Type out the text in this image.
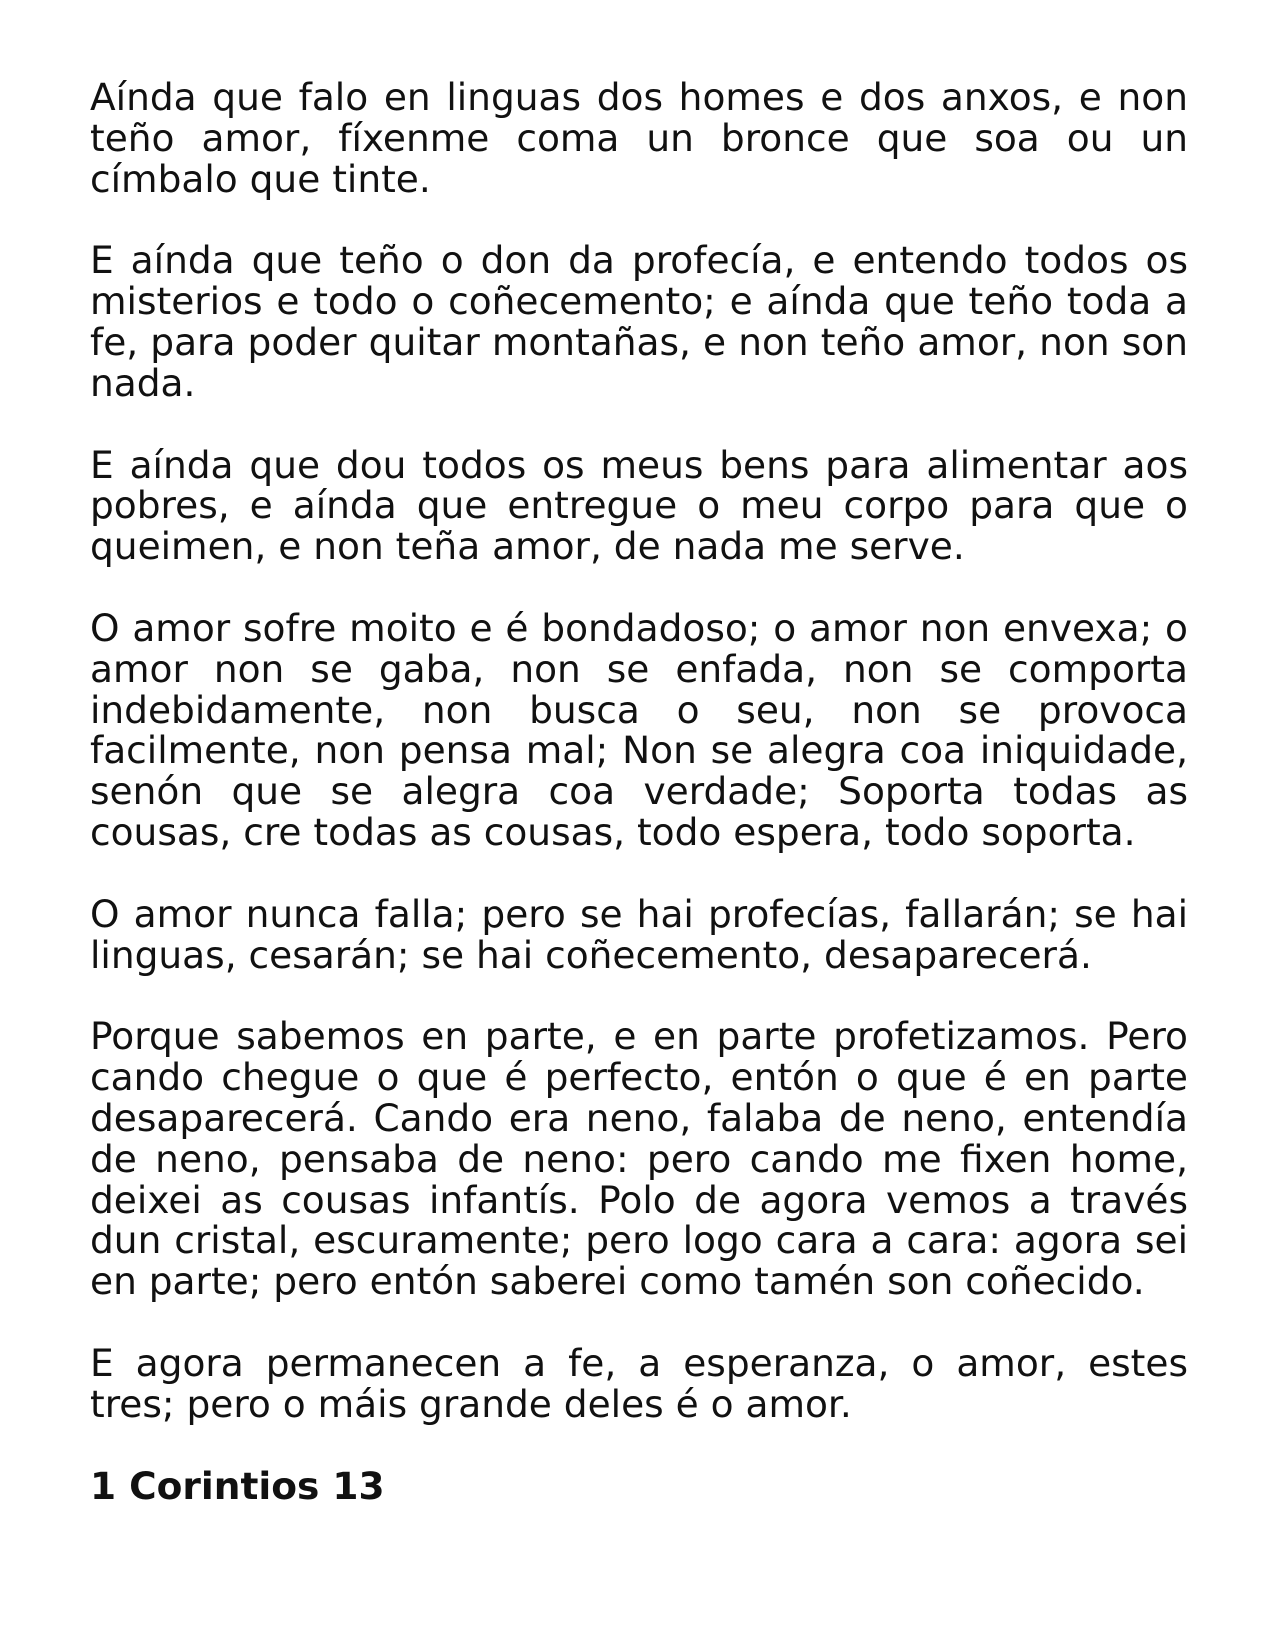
Aínda que falo en linguas dos homes e dos anxos, e non teño amor, fíxenme coma un bronce que soa ou un címbalo que tinte.

E aínda que teño o don da profecía, e entendo todos os misterios e todo o coñecemento; e aínda que teño toda a fe, para poder quitar montañas, e non teño amor, non son nada.

E aínda que dou todos os meus bens para alimentar aos pobres, e aínda que entregue o meu corpo para que o queimen, e non teña amor, de nada me serve.

O amor sofre moito e é bondadoso; o amor non envexa; o amor non se gaba, non se enfada, non se comporta indebidamente, non busca o seu, non se provoca facilmente, non pensa mal; Non se alegra coa iniquidade, senón que se alegra coa verdade; Soporta todas as cousas, cre todas as cousas, todo espera, todo soporta.

O amor nunca falla; pero se hai profecías, fallarán; se hai linguas, cesarán; se hai coñecemento, desaparecerá.

Porque sabemos en parte, e en parte profetizamos. Pero cando chegue o que é perfecto, entón o que é en parte desaparecerá. Cando era neno, falaba de neno, entendía de neno, pensaba de neno: pero cando me fixen home, deixei as cousas infantís. Polo de agora vemos a través dun cristal, escuramente; pero logo cara a cara: agora sei en parte; pero entón saberei como tamén son coñecido.

E agora permanecen a fe, a esperanza, o amor, estes tres; pero o máis grande deles é o amor.

1 Corintios 13
